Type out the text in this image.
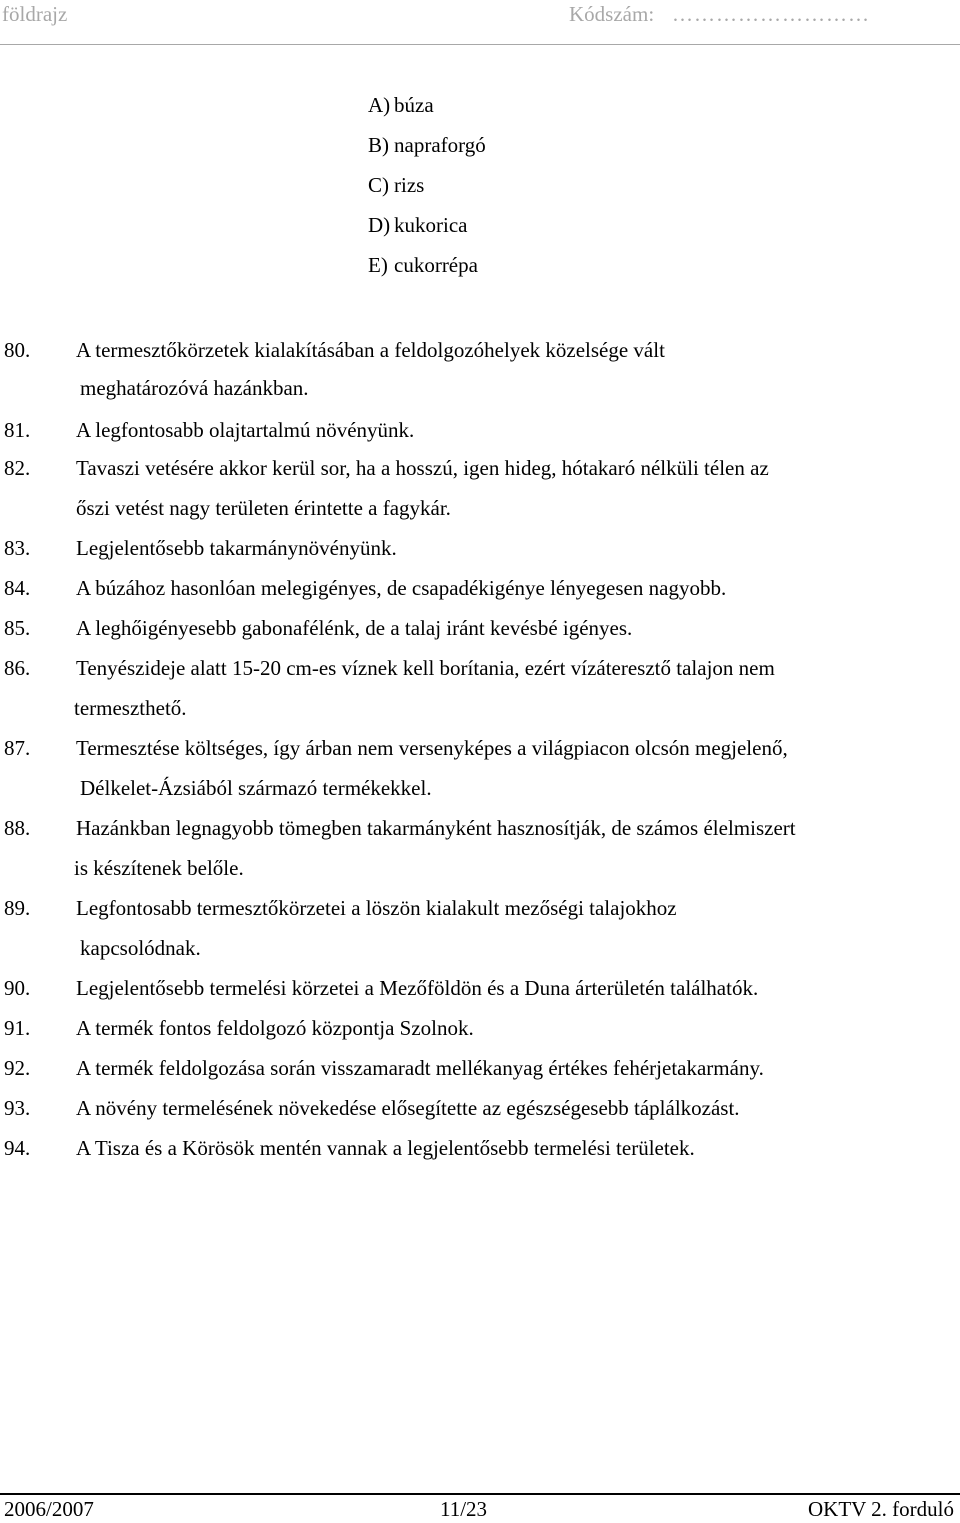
földrajz	Kódszám: ………………………
A) búza
B) napraforgó
C) rizs
D) kukorica
E) cukorrépa
80.	A termesztőkörzetek kialakításában a feldolgozóhelyek közelsége vált
meghatározóvá hazánkban.
81.	A legfontosabb olajtartalmú növényünk.
82.	Tavaszi vetésére akkor kerül sor, ha a hosszú, igen hideg, hótakaró nélküli télen az
őszi vetést nagy területen érintette a fagykár.
83.	Legjelentősebb takarmánynövényünk.
84.	A búzához hasonlóan melegigényes, de csapadékigénye lényegesen nagyobb.
85.	A leghőigényesebb gabonafélénk, de a talaj iránt kevésbé igényes.
86.	Tenyészideje alatt 15-20 cm-es víznek kell borítania, ezért vízáteresztő talajon nem
termeszthető.
87.	Termesztése költséges, így árban nem versenyképes a világpiacon olcsón megjelenő,
Délkelet-Ázsiából származó termékekkel.
88.	Hazánkban legnagyobb tömegben takarmányként hasznosítják, de számos élelmiszert
is készítenek belőle.
89.	Legfontosabb termesztőkörzetei a löszön kialakult mezőségi talajokhoz
kapcsolódnak.
90.	Legjelentősebb termelési körzetei a Mezőföldön és a Duna árterületén találhatók.
91.	A termék fontos feldolgozó központja Szolnok.
92.	A termék feldolgozása során visszamaradt mellékanyag értékes fehérjetakarmány.
93.	A növény termelésének növekedése elősegítette az egészségesebb táplálkozást.
94.	A Tisza és a Körösök mentén vannak a legjelentősebb termelési területek.
2006/2007	11/23	OKTV 2. forduló
